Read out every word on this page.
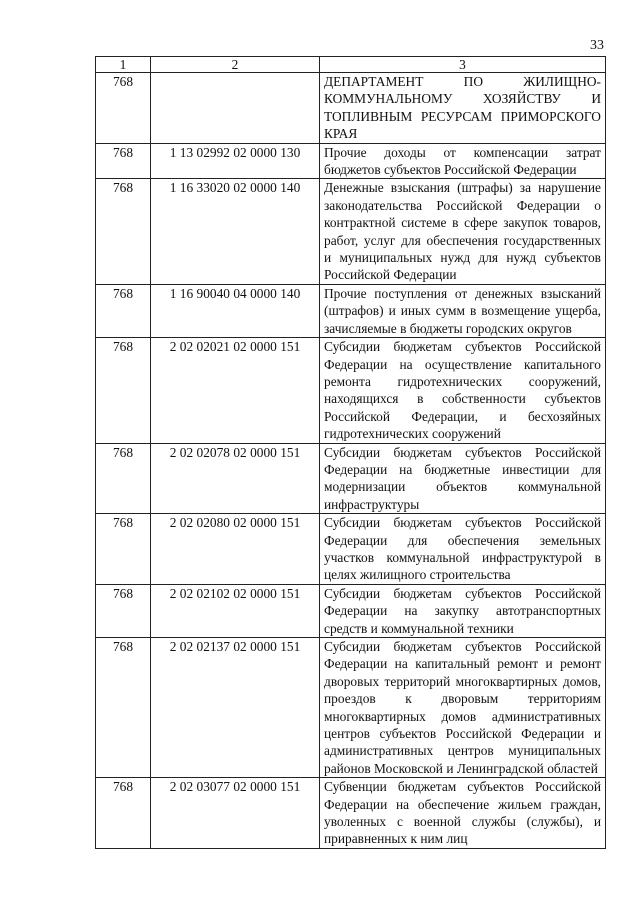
33
1	2	3
768		ДЕПАРТАМЕНТ ПО ЖИЛИЩНО- КОММУНАЛЬНОМУ ХОЗЯЙСТВУ И ТОПЛИВНЫМ РЕСУРСАМ ПРИМОРСКОГО КРАЯ
768	1 13 02992 02 0000 130	Прочие доходы от компенсации затрат бюджетов субъектов Российской Федерации
768	1 16 33020 02 0000 140	Денежные взыскания (штрафы) за нарушение законодательства Российской Федерации о контрактной системе в сфере закупок товаров, работ, услуг для обеспечения государственных и муниципальных нужд для нужд субъектов Российской Федерации
768	1 16 90040 04 0000 140	Прочие поступления от денежных взысканий (штрафов) и иных сумм в возмещение ущерба, зачисляемые в бюджеты городских округов
768	2 02 02021 02 0000 151	Субсидии бюджетам субъектов Российской Федерации на осуществление капитального ремонта гидротехнических сооружений, находящихся в собственности субъектов Российской Федерации, и бесхозяйных гидротехнических сооружений
768	2 02 02078 02 0000 151	Субсидии бюджетам субъектов Российской Федерации на бюджетные инвестиции для модернизации объектов коммунальной инфраструктуры
768	2 02 02080 02 0000 151	Субсидии бюджетам субъектов Российской Федерации для обеспечения земельных участков коммунальной инфраструктурой в целях жилищного строительства
768	2 02 02102 02 0000 151	Субсидии бюджетам субъектов Российской Федерации на закупку автотранспортных средств и коммунальной техники
768	2 02 02137 02 0000 151	Субсидии бюджетам субъектов Российской Федерации на капитальный ремонт и ремонт дворовых территорий многоквартирных домов, проездов к дворовым территориям многоквартирных домов административных центров субъектов Российской Федерации и административных центров муниципальных районов Московской и Ленинградской областей
768	2 02 03077 02 0000 151	Субвенции бюджетам субъектов Российской Федерации на обеспечение жильем граждан, уволенных с военной службы (службы), и приравненных к ним лиц
